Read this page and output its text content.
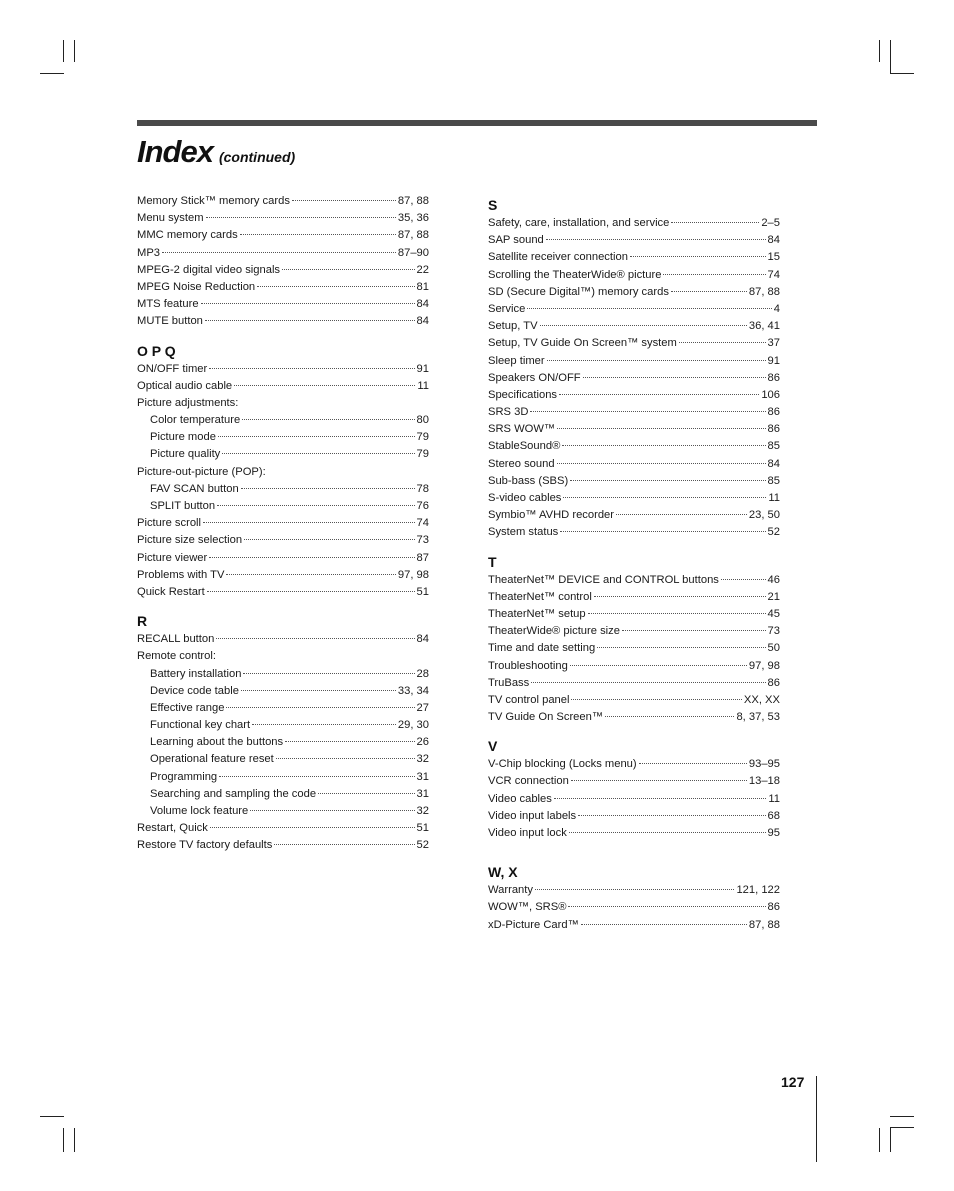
Index (continued)
Memory Stick™ memory cards	87, 88
Menu system	35, 36
MMC memory cards	87, 88
MP3	87–90
MPEG-2 digital video signals	22
MPEG Noise Reduction	81
MTS feature	84
MUTE button	84
O P Q
ON/OFF timer	91
Optical audio cable	11
Picture adjustments:
Color temperature	80
Picture mode	79
Picture quality	79
Picture-out-picture (POP):
FAV SCAN button	78
SPLIT button	76
Picture scroll	74
Picture size selection	73
Picture viewer	87
Problems with TV	97, 98
Quick Restart	51
R
RECALL button	84
Remote control:
Battery installation	28
Device code table	33, 34
Effective range	27
Functional key chart	29, 30
Learning about the buttons	26
Operational feature reset	32
Programming	31
Searching and sampling the code	31
Volume lock feature	32
Restart, Quick	51
Restore TV factory defaults	52
S
Safety, care, installation, and service	2–5
SAP sound	84
Satellite receiver connection	15
Scrolling the TheaterWide® picture	74
SD (Secure Digital™) memory cards	87, 88
Service	4
Setup, TV	36, 41
Setup, TV Guide On Screen™ system	37
Sleep timer	91
Speakers ON/OFF	86
Specifications	106
SRS 3D	86
SRS WOW™	86
StableSound®	85
Stereo sound	84
Sub-bass (SBS)	85
S-video cables	11
Symbio™ AVHD recorder	23, 50
System status	52
T
TheaterNet™ DEVICE and CONTROL buttons	46
TheaterNet™ control	21
TheaterNet™ setup	45
TheaterWide® picture size	73
Time and date setting	50
Troubleshooting	97, 98
TruBass	86
TV control panel	XX, XX
TV Guide On Screen™	8, 37, 53
V
V-Chip blocking (Locks menu)	93–95
VCR connection	13–18
Video cables	11
Video input labels	68
Video input lock	95
W, X
Warranty	121, 122
WOW™, SRS®	86
xD-Picture Card™	87, 88
127
